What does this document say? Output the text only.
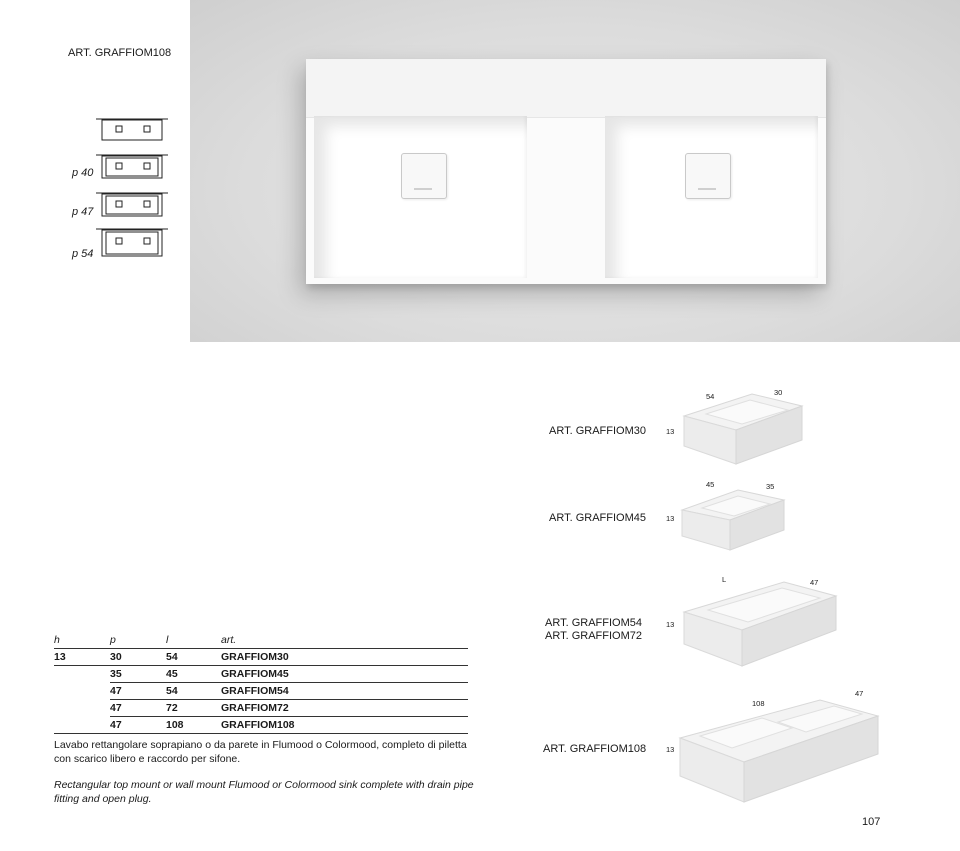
ART. GRAFFIOM108
p 40
p 47
p 54
ART. GRAFFIOM30	13
54	30
ART. GRAFFIOM45	13
45	35
ART. GRAFFIOM54
ART. GRAFFIOM72
13
L	47
ART. GRAFFIOM108	13
108
47
h	p	l	art.
13	30	54	GRAFFIOM30
	35	45	GRAFFIOM45
	47	54	GRAFFIOM54
	47	72	GRAFFIOM72
	47	108	GRAFFIOM108
Lavabo rettangolare soprapiano o da parete in Flumood o Colormood, completo di piletta con scarico libero e raccordo per sifone.
Rectangular top mount or wall mount Flumood or Colormood sink complete with drain pipe fitting and open plug.
107
